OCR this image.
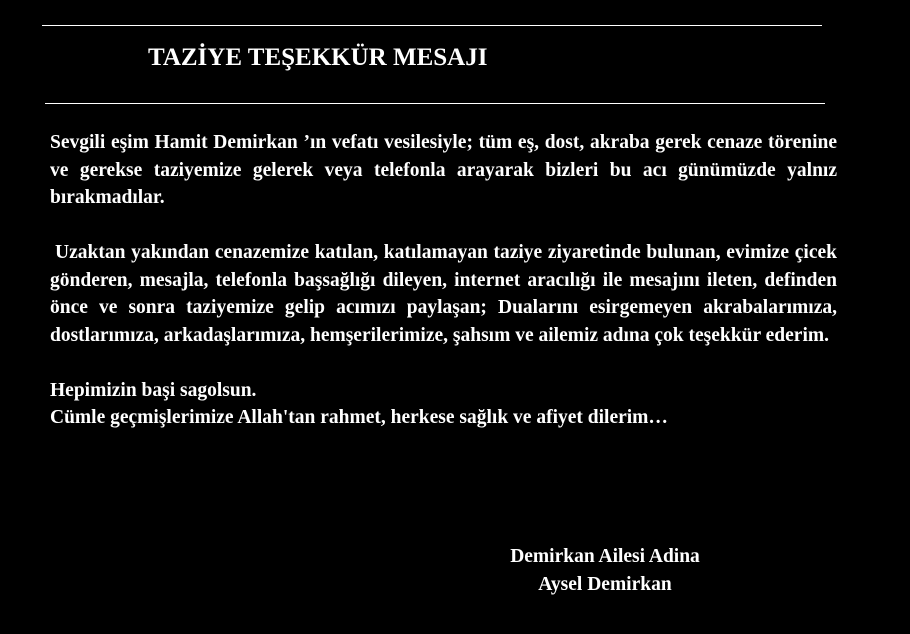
TAZİYE TEŞEKKÜR MESAJI

Sevgili eşim Hamit Demirkan ’ın vefatı vesilesiyle; tüm eş, dost, akraba gerek cenaze törenine ve gerekse taziyemize gelerek veya telefonla arayarak bizleri bu acı günümüzde yalnız bırakmadılar.

Uzaktan yakından cenazemize katılan, katılamayan taziye ziyaretinde bulunan, evimize çicek gönderen, mesajla, telefonla başsağlığı dileyen, internet aracılığı ile mesajını ileten, definden önce ve sonra taziyemize gelip acımızı paylaşan; Dualarını esirgemeyen akrabalarımıza, dostlarımıza, arkadaşlarımıza, hemşerilerimize, şahsım ve ailemiz adına çok teşekkür ederim.

Hepimizin başi sagolsun.

Cümle geçmişlerimize Allah'tan rahmet, herkese sağlık ve afiyet dilerim…

Demirkan Ailesi Adina
Aysel Demirkan
